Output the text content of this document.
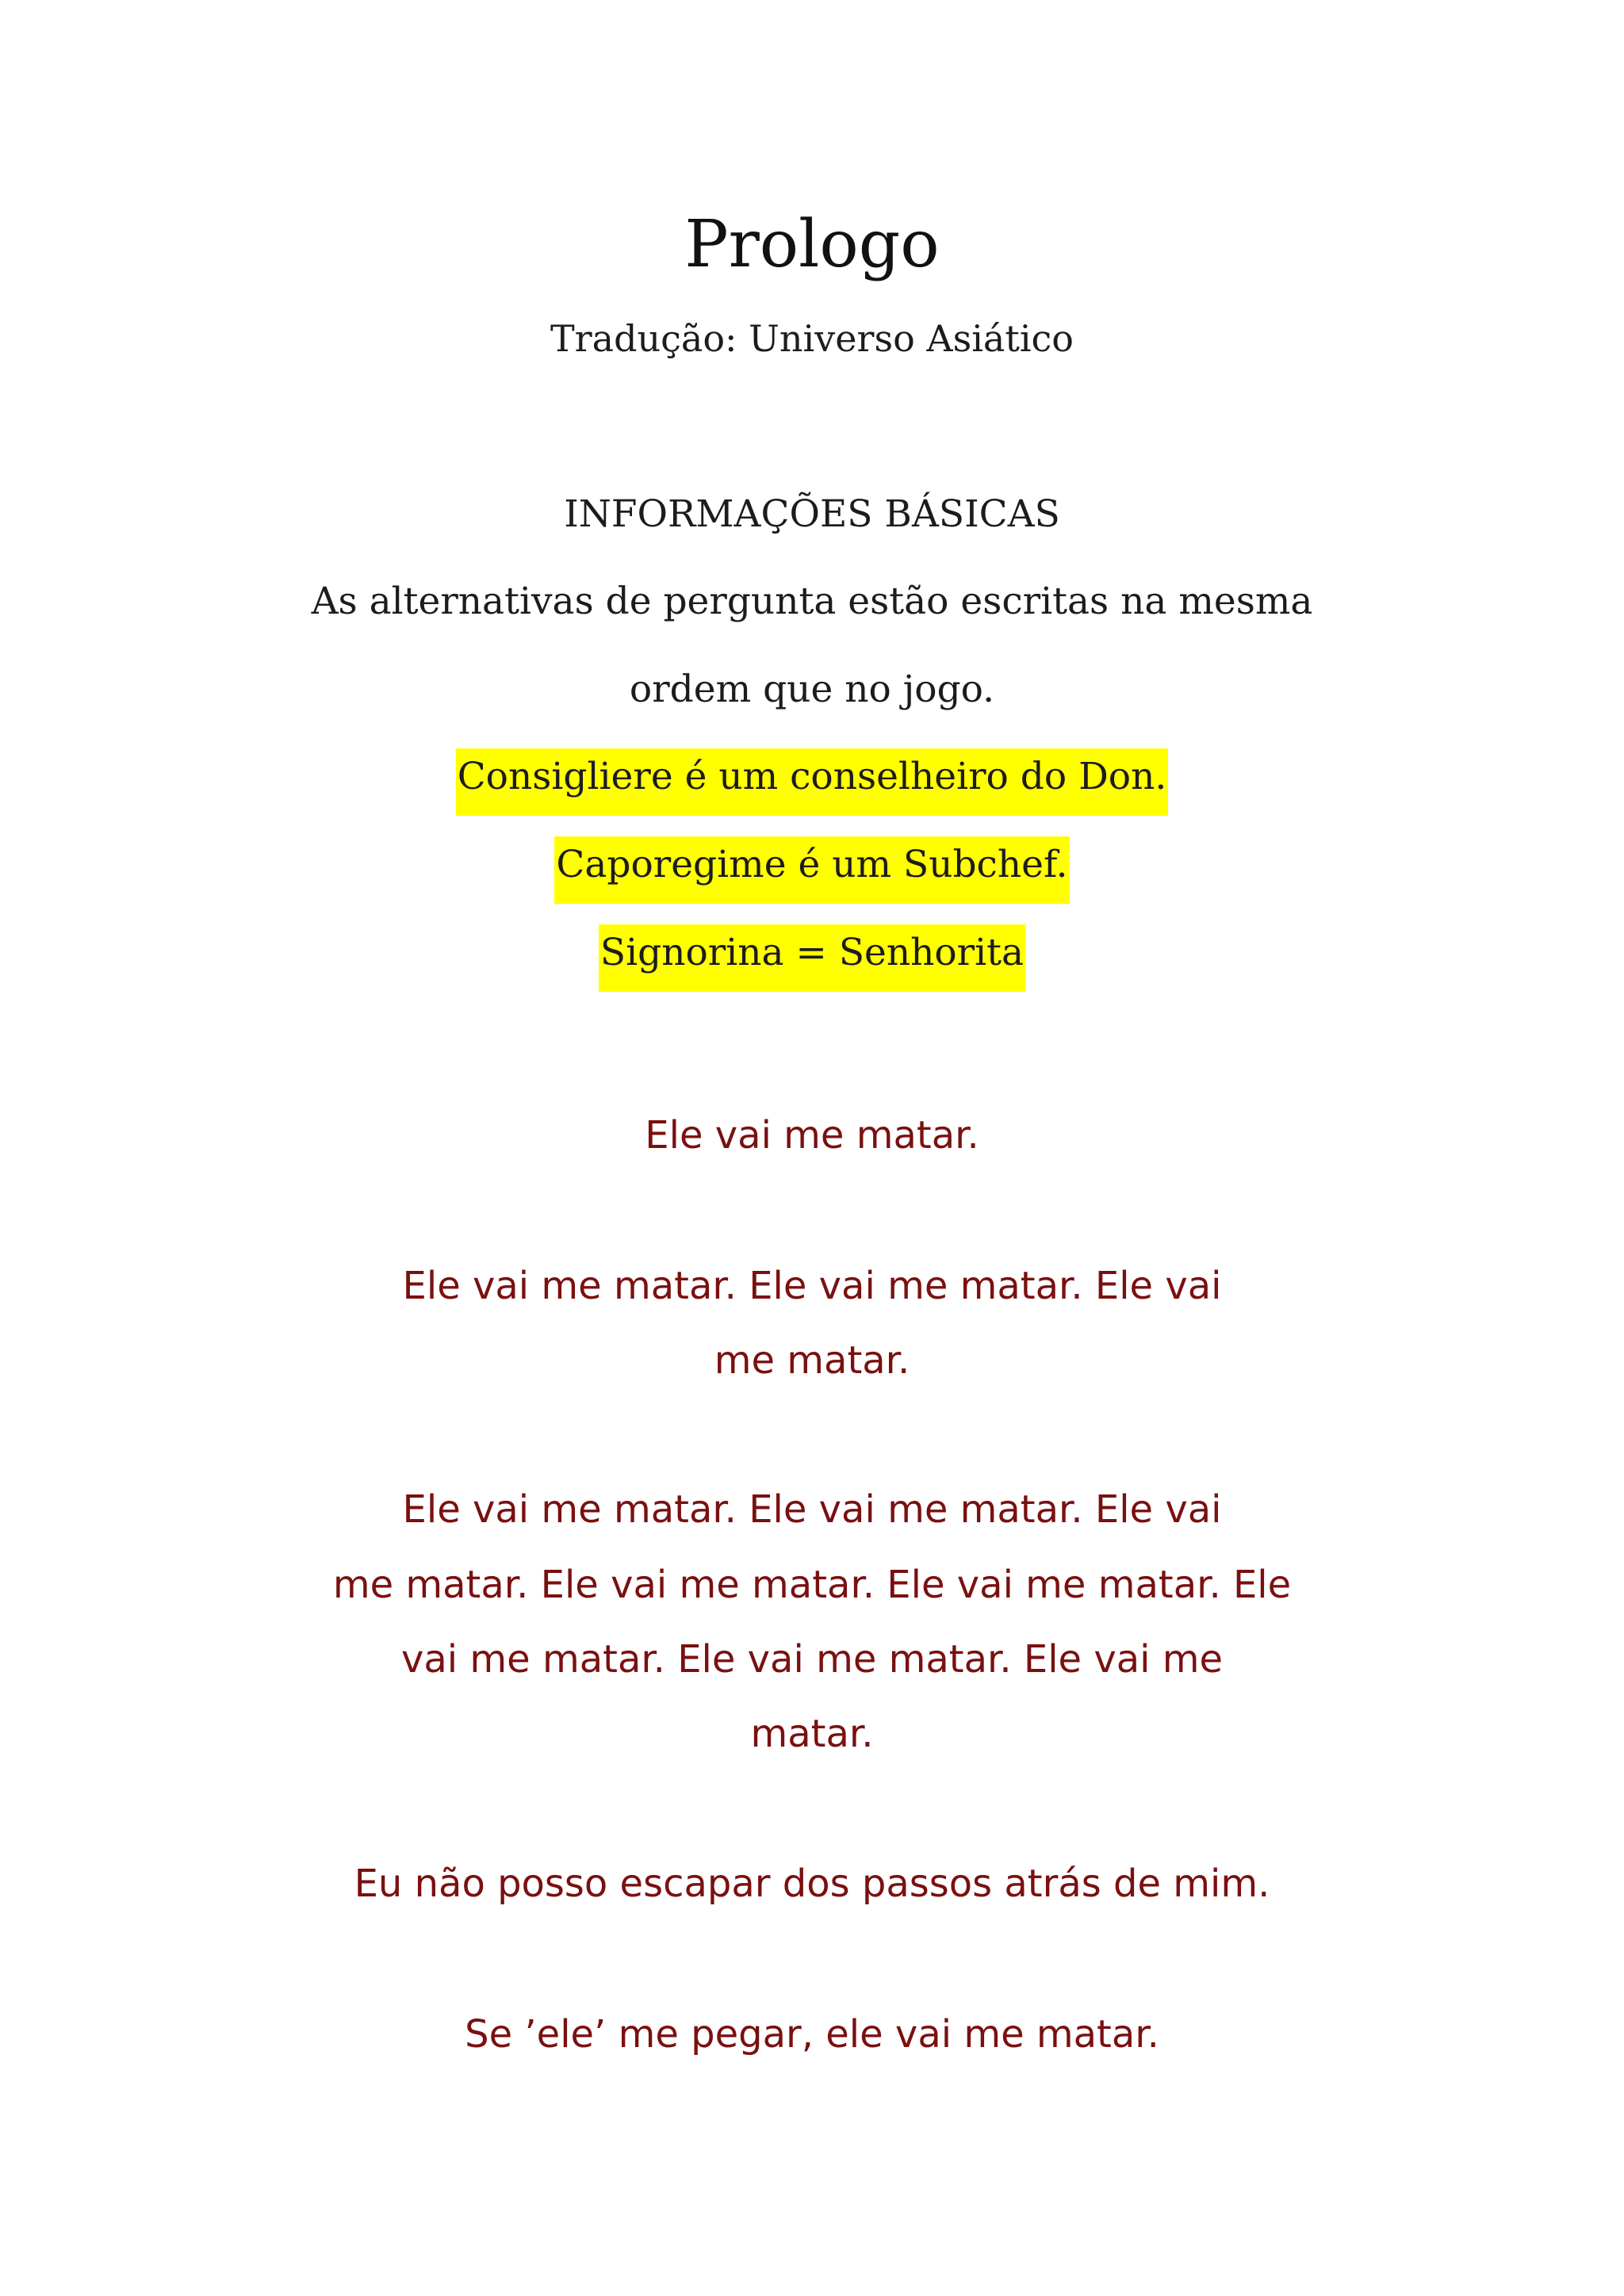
Prologo
Tradução: Universo Asiático
INFORMAÇÕES BÁSICAS
As alternativas de pergunta estão escritas na mesma
ordem que no jogo.
Consigliere é um conselheiro do Don.
Caporegime é um Subchef.
Signorina = Senhorita
Ele vai me matar.
Ele vai me matar. Ele vai me matar. Ele vai
me matar.
Ele vai me matar. Ele vai me matar. Ele vai
me matar. Ele vai me matar. Ele vai me matar. Ele
vai me matar. Ele vai me matar. Ele vai me
matar.
Eu não posso escapar dos passos atrás de mim.
Se ’ele’ me pegar, ele vai me matar.
